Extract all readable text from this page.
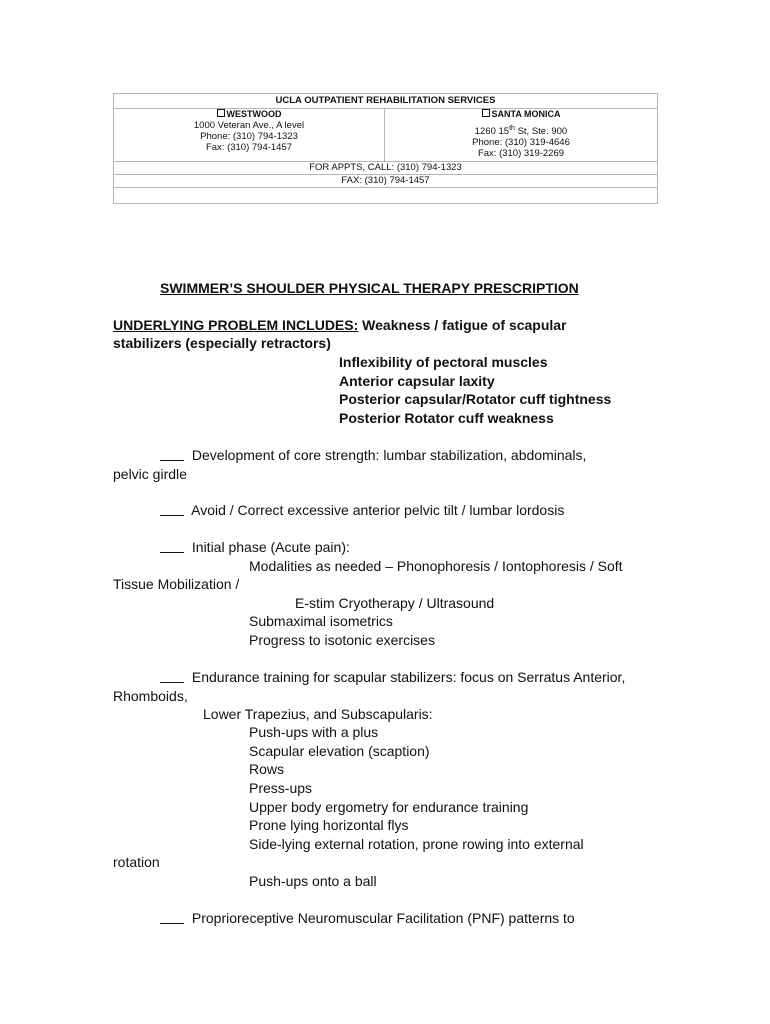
UCLA OUTPATIENT REHABILITATION SERVICES

WESTWOOD
1000 Veteran Ave., A level
Phone: (310) 794-1323
Fax: (310) 794-1457

SANTA MONICA
1260 15th St, Ste. 900
Phone: (310) 319-4646
Fax: (310) 319-2269

FOR APPTS, CALL: (310) 794-1323
FAX: (310) 794-1457

SWIMMER’S SHOULDER PHYSICAL THERAPY PRESCRIPTION
UNDERLYING PROBLEM INCLUDES: Weakness / fatigue of scapular
stabilizers (especially retractors)
Inflexibility of pectoral muscles
Anterior capsular laxity
Posterior capsular/Rotator cuff tightness
Posterior Rotator cuff weakness
Development of core strength: lumbar stabilization, abdominals,
pelvic girdle
Avoid / Correct excessive anterior pelvic tilt / lumbar lordosis
Initial phase (Acute pain):
Modalities as needed – Phonophoresis / Iontophoresis / Soft
Tissue Mobilization /
E-stim Cryotherapy / Ultrasound
Submaximal isometrics
Progress to isotonic exercises
Endurance training for scapular stabilizers: focus on Serratus Anterior,
Rhomboids,
Lower Trapezius, and Subscapularis:
Push-ups with a plus
Scapular elevation (scaption)
Rows
Press-ups
Upper body ergometry for endurance training
Prone lying horizontal flys
Side-lying external rotation, prone rowing into external
rotation
Push-ups onto a ball
Proprioreceptive Neuromuscular Facilitation (PNF) patterns to
